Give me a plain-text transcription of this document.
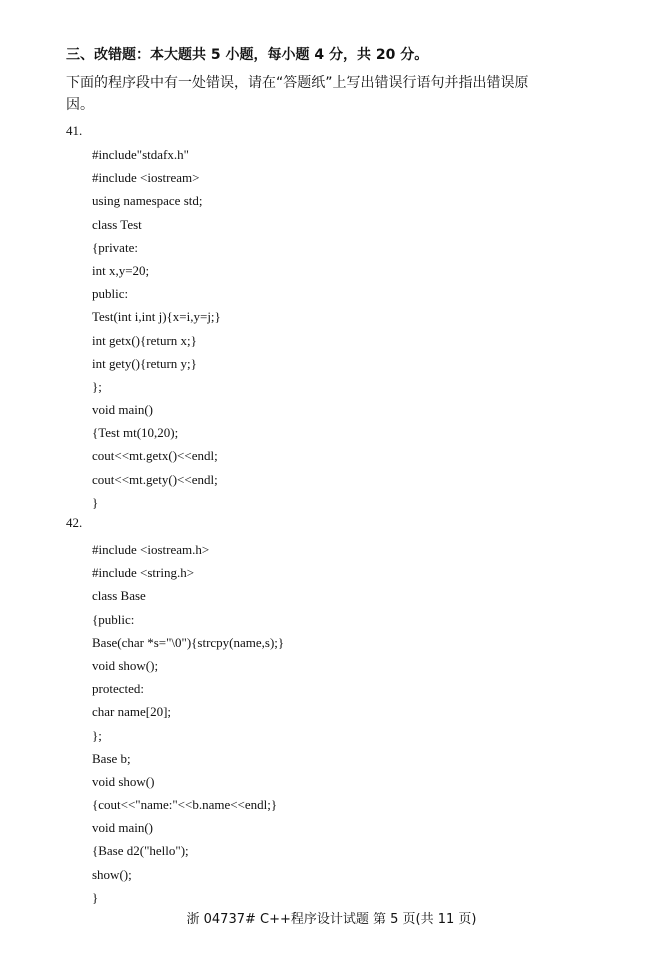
三、改错题：本大题共 5 小题，每小题 4 分，共 20 分。
下面的程序段中有一处错误，请在“答题纸”上写出错误行语句并指出错误原因。
41.
#include"stdafx.h"
#include <iostream>
using namespace std;
class Test
{private:
int x,y=20;
public:
Test(int i,int j){x=i,y=j;}
int getx(){return x;}
int gety(){return y;}
};
void main()
{Test mt(10,20);
cout<<mt.getx()<<endl;
cout<<mt.gety()<<endl;
}
42.
#include <iostream.h>
#include <string.h>
class Base
{public:
Base(char *s="\0"){strcpy(name,s);}
void show();
protected:
char name[20];
};
Base b;
void show()
{cout<<"name:"<<b.name<<endl;}
void main()
{Base d2("hello");
show();
}
浙 04737# C++程序设计试题 第 5 页(共 11 页)
